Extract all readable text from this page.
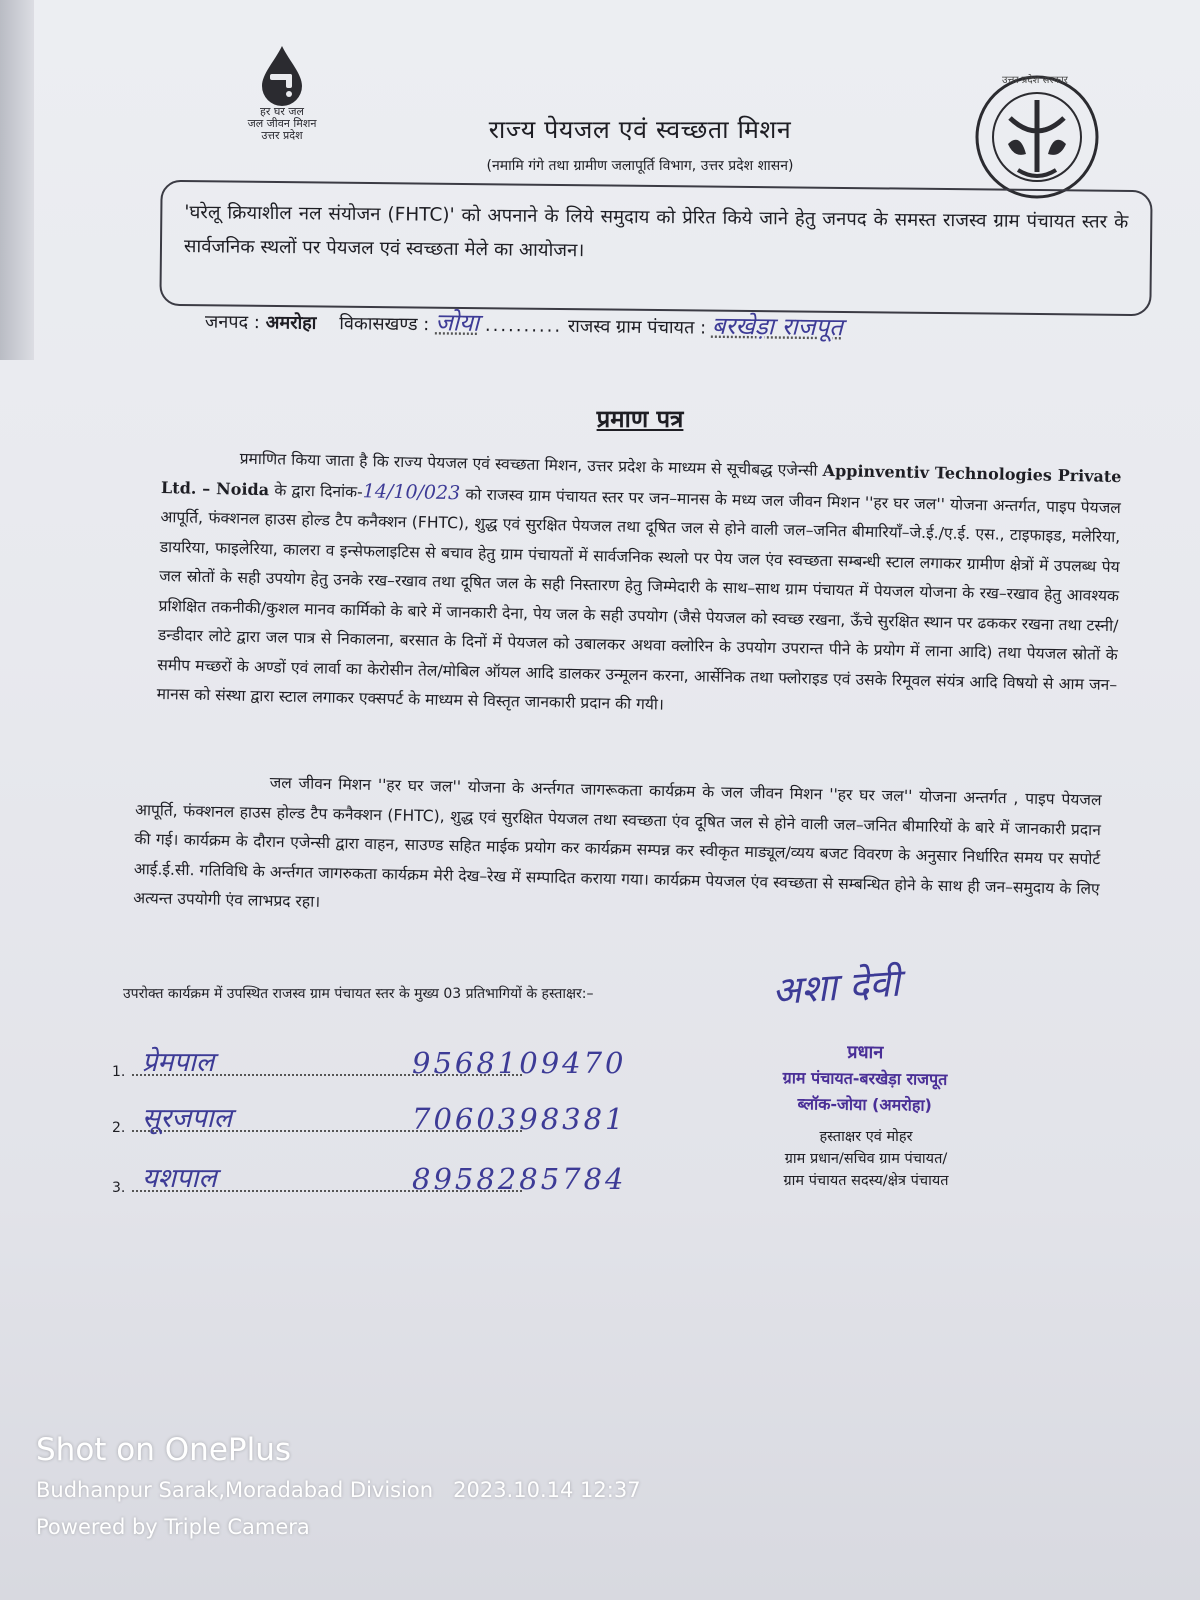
हर घर जल
जल जीवन मिशन
उत्तर प्रदेश
उत्तर प्रदेश सरकार
राज्य पेयजल एवं स्वच्छता मिशन
(नमामि गंगे तथा ग्रामीण जलापूर्ति विभाग, उत्तर प्रदेश शासन)

'घरेलू क्रियाशील नल संयोजन (FHTC)' को अपनाने के लिये समुदाय को प्रेरित किये जाने हेतु जनपद के समस्त राजस्व ग्राम पंचायत स्तर के सार्वजनिक स्थलों पर पेयजल एवं स्वच्छता मेले का आयोजन।

जनपद : अमरोहा विकासखण्ड : जोया .......... राजस्व ग्राम पंचायत : बरखेड़ा राजपूत
प्रमाण पत्र

प्रमाणित किया जाता है कि राज्य पेयजल एवं स्वच्छता मिशन, उत्तर प्रदेश के माध्यम से सूचीबद्ध एजेन्सी Appinventiv Technologies Private Ltd. – Noida के द्वारा दिनांक-14/10/023 को राजस्व ग्राम पंचायत स्तर पर जन–मानस के मध्य जल जीवन मिशन ''हर घर जल'' योजना अन्तर्गत, पाइप पेयजल आपूर्ति, फंक्शनल हाउस होल्ड टैप कनैक्शन (FHTC), शुद्ध एवं सुरक्षित पेयजल तथा दूषित जल से होने वाली जल–जनित बीमारियाँ–जे.ई./ए.ई. एस., टाइफाइड, मलेरिया, डायरिया, फाइलेरिया, कालरा व इन्सेफलाइटिस से बचाव हेतु ग्राम पंचायतों में सार्वजनिक स्थलो पर पेय जल एंव स्वच्छता सम्बन्धी स्टाल लगाकर ग्रामीण क्षेत्रों में उपलब्ध पेय जल स्रोतों के सही उपयोग हेतु उनके रख–रखाव तथा दूषित जल के सही निस्तारण हेतु जिम्मेदारी के साथ–साथ ग्राम पंचायत में पेयजल योजना के रख–रखाव हेतु आवश्यक प्रशिक्षित तकनीकी/कुशल मानव कार्मिको के बारे में जानकारी देना, पेय जल के सही उपयोग (जैसे पेयजल को स्वच्छ रखना, ऊँचे सुरक्षित स्थान पर ढककर रखना तथा टस्नी/डन्डीदार लोटे द्वारा जल पात्र से निकालना, बरसात के दिनों में पेयजल को उबालकर अथवा क्लोरिन के उपयोग उपरान्त पीने के प्रयोग में लाना आदि) तथा पेयजल स्रोतों के समीप मच्छरों के अण्डों एवं लार्वा का केरोसीन तेल/मोबिल ऑयल आदि डालकर उन्मूलन करना, आर्सेनिक तथा फ्लोराइड एवं उसके रिमूवल संयंत्र आदि विषयो से आम जन–मानस को संस्था द्वारा स्टाल लगाकर एक्सपर्ट के माध्यम से विस्तृत जानकारी प्रदान की गयी।

जल जीवन मिशन ''हर घर जल'' योजना के अर्न्तगत जागरूकता कार्यक्रम के जल जीवन मिशन ''हर घर जल'' योजना अन्तर्गत , पाइप पेयजल आपूर्ति, फंक्शनल हाउस होल्ड टैप कनैक्शन (FHTC), शुद्ध एवं सुरक्षित पेयजल तथा स्वच्छता एंव दूषित जल से होने वाली जल–जनित बीमारियों के बारे में जानकारी प्रदान की गई। कार्यक्रम के दौरान एजेन्सी द्वारा वाहन, साउण्ड सहित माईक प्रयोग कर कार्यक्रम सम्पन्न कर स्वीकृत माड्यूल/व्यय बजट विवरण के अनुसार निर्धारित समय पर सपोर्ट आई.ई.सी. गतिविधि के अर्न्तगत जागरुकता कार्यक्रम मेरी देख–रेख में सम्पादित कराया गया। कार्यक्रम पेयजल एंव स्वच्छता से सम्बन्धित होने के साथ ही जन–समुदाय के लिए अत्यन्त उपयोगी एंव लाभप्रद रहा।

उपरोक्त कार्यक्रम में उपस्थित राजस्व ग्राम पंचायत स्तर के मुख्य 03 प्रतिभागियों के हस्ताक्षर:–
1. प्रेमपाल	9568109470
2. सूरजपाल	7060398381
3. यशपाल	8958285784
अशा देवी
प्रधान
ग्राम पंचायत-बरखेड़ा राजपूत
ब्लॉक-जोया (अमरोहा)
हस्ताक्षर एवं मोहर
ग्राम प्रधान/सचिव ग्राम पंचायत/
ग्राम पंचायत सदस्य/क्षेत्र पंचायत
Shot on OnePlus
Budhanpur Sarak,Moradabad Division   2023.10.14 12:37
Powered by Triple Camera
